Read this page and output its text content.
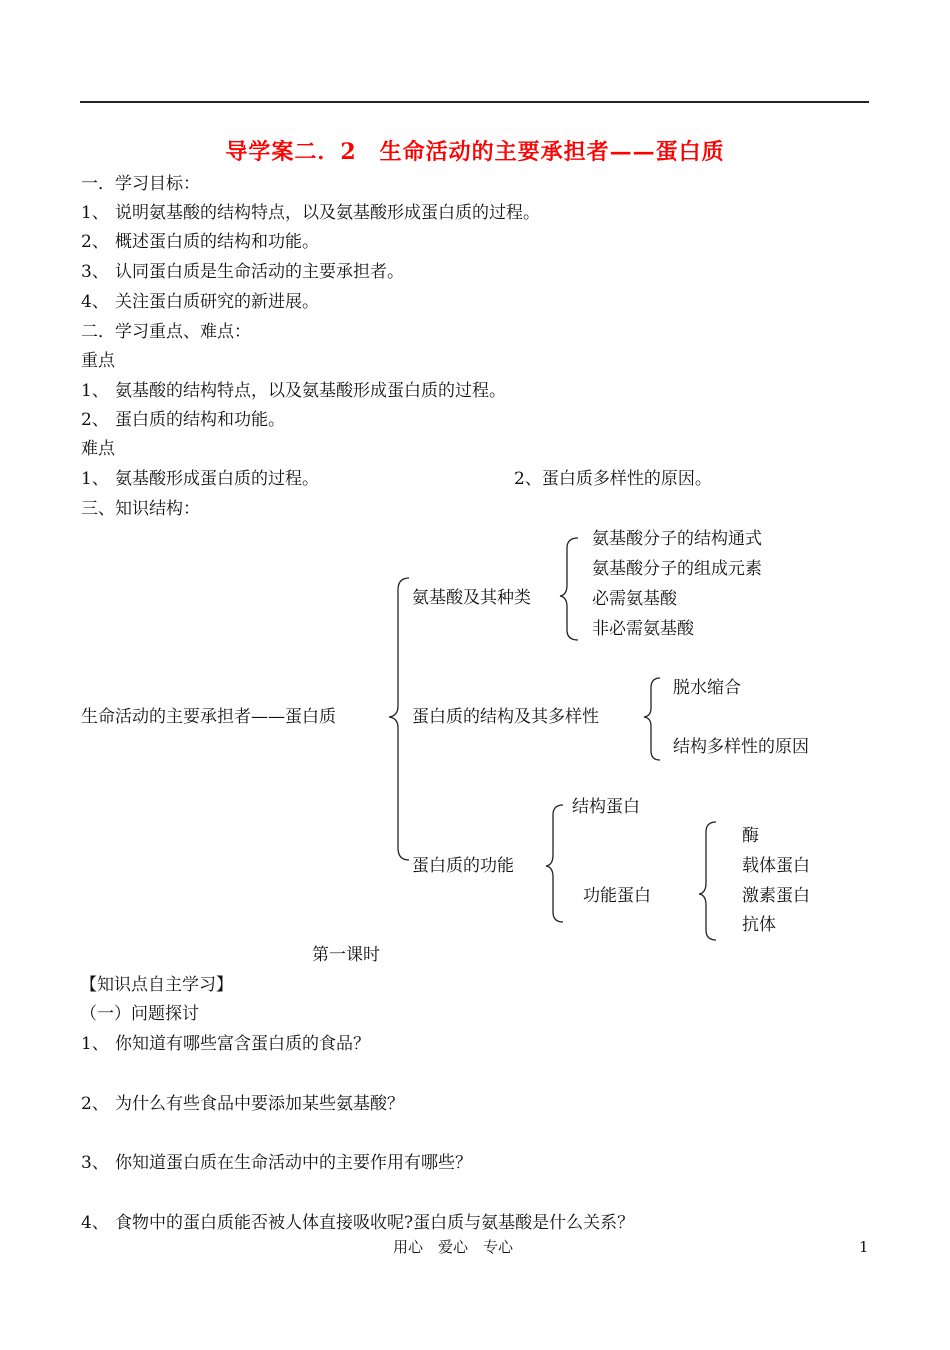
导学案二．2　生命活动的主要承担者——蛋白质
一．学习目标：
1、 说明氨基酸的结构特点，以及氨基酸形成蛋白质的过程。
2、 概述蛋白质的结构和功能。
3、 认同蛋白质是生命活动的主要承担者。
4、 关注蛋白质研究的新进展。
二．学习重点、难点：
重点
1、 氨基酸的结构特点，以及氨基酸形成蛋白质的过程。
2、 蛋白质的结构和功能。
难点
1、 氨基酸形成蛋白质的过程。	2、蛋白质多样性的原因。
三、知识结构：
生命活动的主要承担者——蛋白质
氨基酸及其种类
氨基酸分子的结构通式
氨基酸分子的组成元素
必需氨基酸
非必需氨基酸
蛋白质的结构及其多样性
脱水缩合
结构多样性的原因
蛋白质的功能
结构蛋白
功能蛋白
酶
载体蛋白
激素蛋白
抗体
第一课时
【知识点自主学习】
（一）问题探讨
1、 你知道有哪些富含蛋白质的食品？
2、 为什么有些食品中要添加某些氨基酸？
3、 你知道蛋白质在生命活动中的主要作用有哪些？
4、 食物中的蛋白质能否被人体直接吸收呢?蛋白质与氨基酸是什么关系？
用心　爱心　专心	1
